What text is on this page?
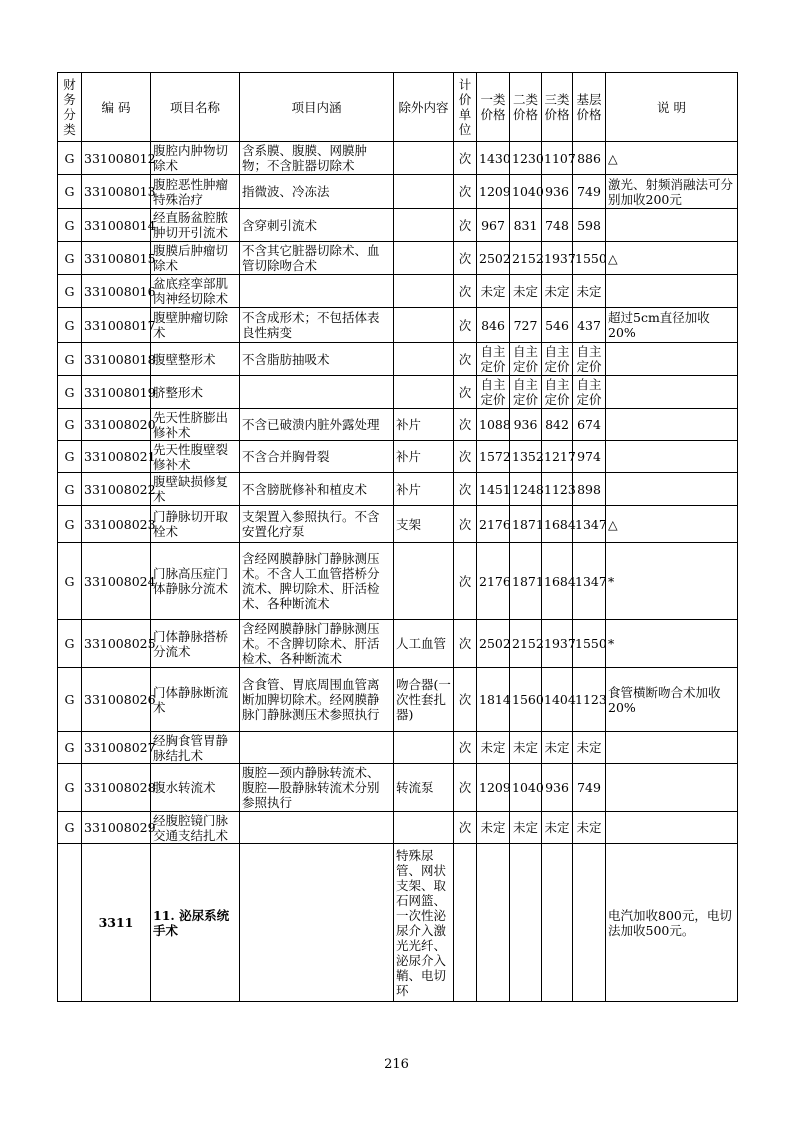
财务分类	编 码	项目名称	项目内涵	除外内容	计价单位	一类价格	二类价格	三类价格	基层价格	说 明
G	331008012	腹腔内肿物切除术	含系膜、腹膜、网膜肿物；不含脏器切除术		次	1430	1230	1107	886	△
G	331008013	腹腔恶性肿瘤特殊治疗	指微波、冷冻法		次	1209	1040	936	749	激光、射频消融法可分别加收200元
G	331008014	经直肠盆腔脓肿切开引流术	含穿刺引流术		次	967	831	748	598	
G	331008015	腹膜后肿瘤切除术	不含其它脏器切除术、血管切除吻合术		次	2502	2152	1937	1550	△
G	331008016	盆底痉挛部肌肉神经切除术			次	未定	未定	未定	未定	
G	331008017	腹壁肿瘤切除术	不含成形术；不包括体表良性病变		次	846	727	546	437	超过5cm直径加收20%
G	331008018	腹壁整形术	不含脂肪抽吸术		次	自主定价	自主定价	自主定价	自主定价	
G	331008019	脐整形术			次	自主定价	自主定价	自主定价	自主定价	
G	331008020	先天性脐膨出修补术	不含已破溃内脏外露处理	补片	次	1088	936	842	674	
G	331008021	先天性腹壁裂修补术	不含合并胸骨裂	补片	次	1572	1352	1217	974	
G	331008022	腹壁缺损修复术	不含膀胱修补和植皮术	补片	次	1451	1248	1123	898	
G	331008023	门静脉切开取栓术	支架置入参照执行。不含安置化疗泵	支架	次	2176	1871	1684	1347	△
G	331008024	门脉高压症门体静脉分流术	含经网膜静脉门静脉测压术。不含人工血管搭桥分流术、脾切除术、肝活检术、各种断流术		次	2176	1871	1684	1347	*
G	331008025	门体静脉搭桥分流术	含经网膜静脉门静脉测压术。不含脾切除术、肝活检术、各种断流术	人工血管	次	2502	2152	1937	1550	*
G	331008026	门体静脉断流术	含食管、胃底周围血管离断加脾切除术。经网膜静脉门静脉测压术参照执行	吻合器(一次性套扎器)	次	1814	1560	1404	1123	食管横断吻合术加收20%
G	331008027	经胸食管胃静脉结扎术			次	未定	未定	未定	未定	
G	331008028	腹水转流术	腹腔—颈内静脉转流术、腹腔—股静脉转流术分别参照执行	转流泵	次	1209	1040	936	749	
G	331008029	经腹腔镜门脉交通支结扎术			次	未定	未定	未定	未定	
	3311	11. 泌尿系统手术		特殊尿管、网状支架、取石网篮、一次性泌尿介入激光光纤、泌尿介入鞘、电切环						电汽加收800元，电切法加收500元。
216
